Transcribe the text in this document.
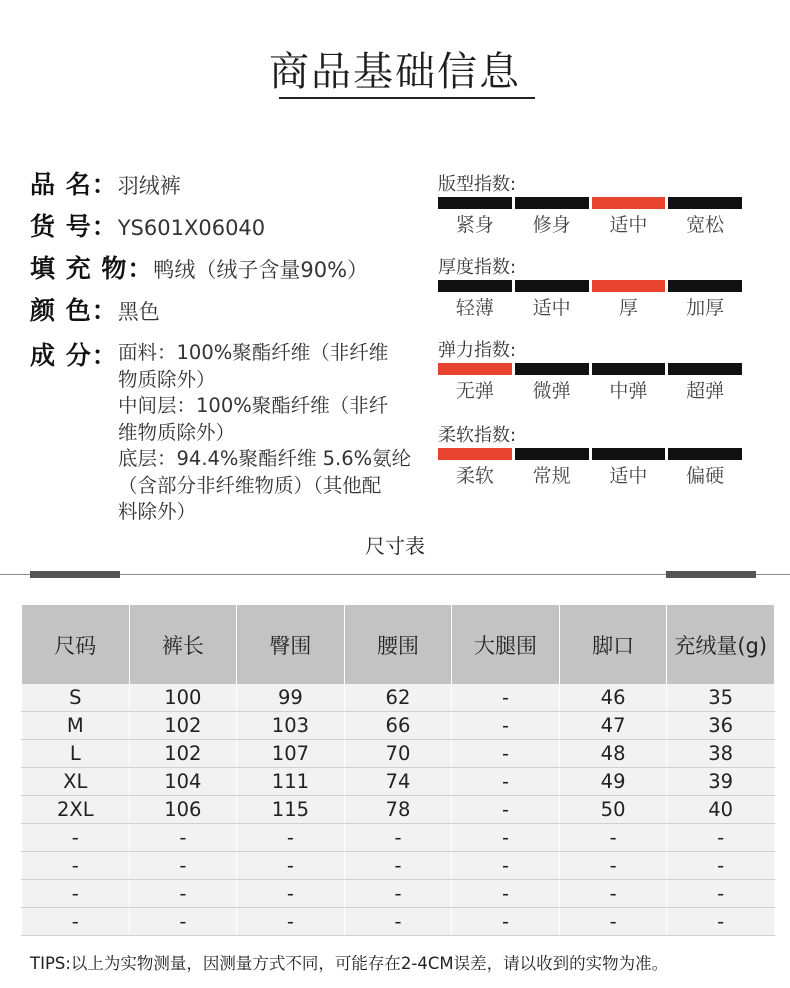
商品基础信息
品 名：羽绒裤
货 号：YS601X06040
填 充 物：鸭绒（绒子含量90%）
颜 色：黑色
成 分： 面料：100%聚酯纤维（非纤维
物质除外）
中间层：100%聚酯纤维（非纤
维物质除外）
底层：94.4%聚酯纤维 5.6%氨纶
（含部分非纤维物质）（其他配
料除外）
版型指数:
紧身	修身	适中	宽松
厚度指数:
轻薄	适中	厚	加厚
弹力指数:
无弹	微弹	中弹	超弹
柔软指数:
柔软	常规	适中	偏硬
尺寸表
尺码	裤长	臀围	腰围	大腿围	脚口	充绒量(g)
S	100	99	62	-	46	35
M	102	103	66	-	47	36
L	102	107	70	-	48	38
XL	104	111	74	-	49	39
2XL	106	115	78	-	50	40
-	-	-	-	-	-	-
-	-	-	-	-	-	-
-	-	-	-	-	-	-
-	-	-	-	-	-	-
TIPS:以上为实物测量，因测量方式不同，可能存在2-4CM误差，请以收到的实物为准。
